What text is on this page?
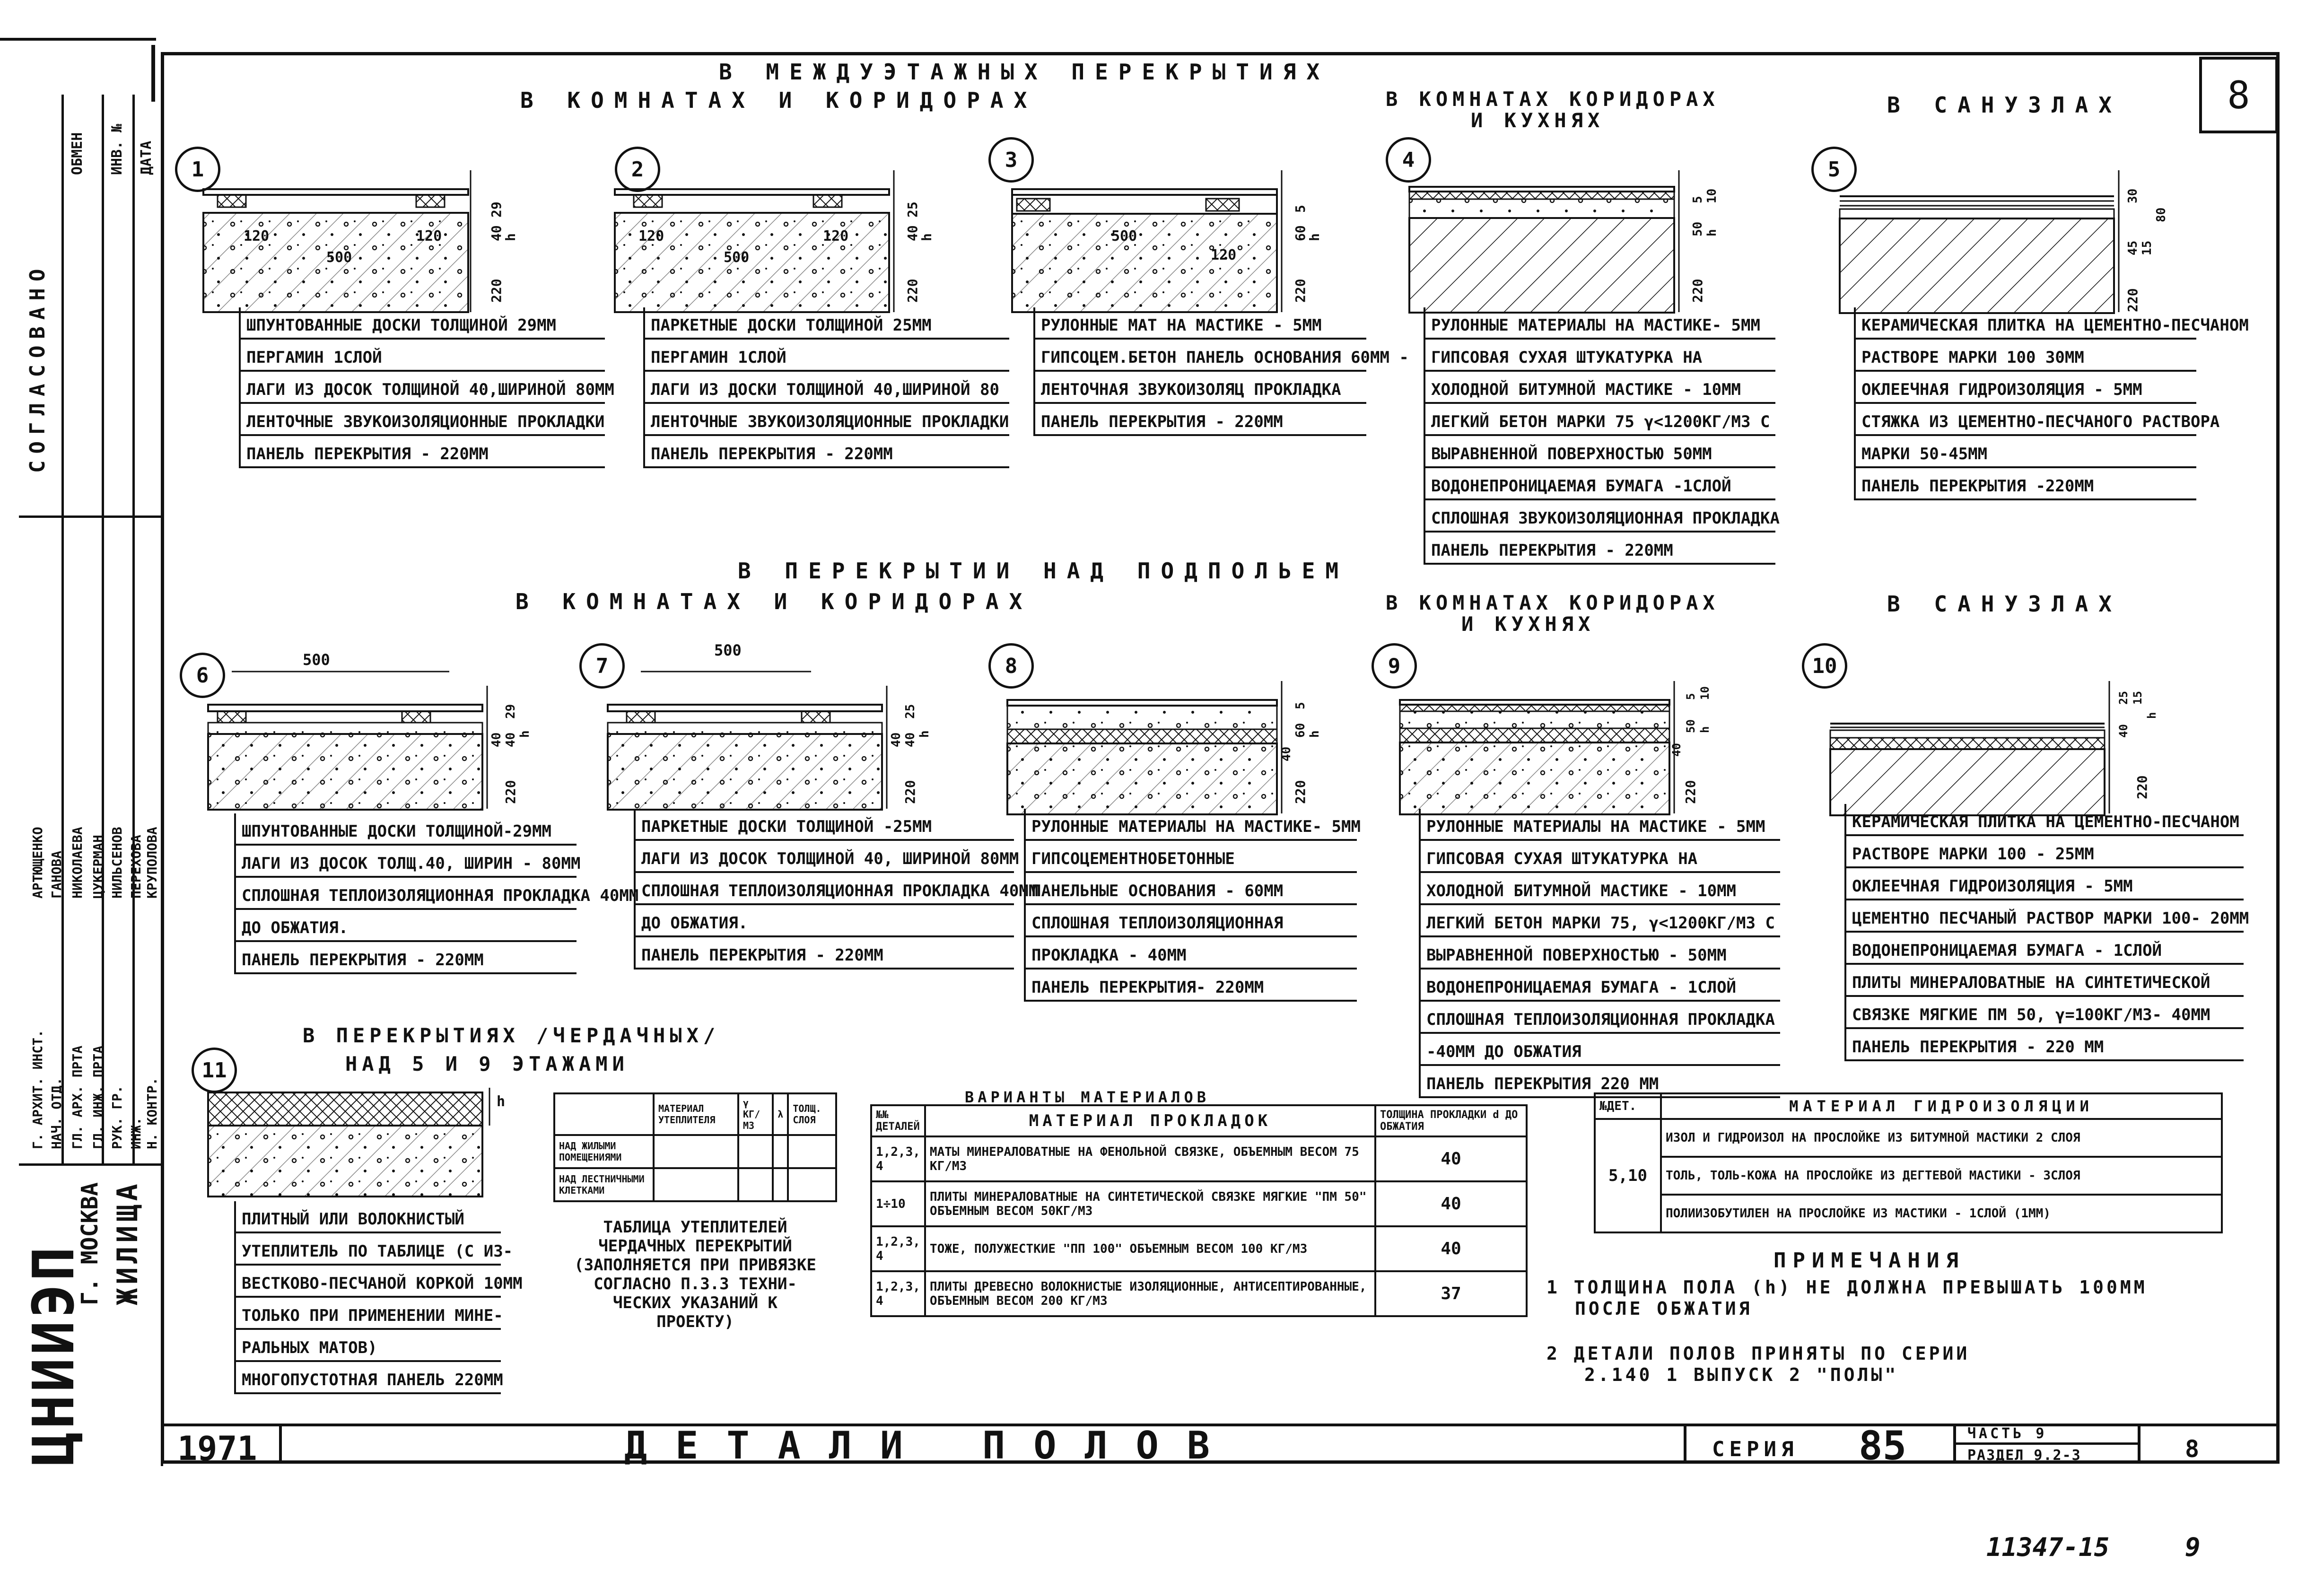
СОГЛАСОВАНО
ДАТА
ИНВ. №
ОБМЕН
Г. АРХИТ. ИНСТ. НАЧ. ОТД. ГЛ. АРХ. ПРТА ГЛ. ИНЖ. ПРТА РУК. ГР. ИНЖ. Н. КОНТР.
АРТЮЩЕНКО ГАНОВА НИКОЛАЕВА ЦУКЕРМАН НИЛЬСЕНОВ ПЕРЕХОВА КРУПОЛОВА
ЦНИИЭП
Г. МОСКВА ЖИЛИЩА
8
В МЕЖДУЭТАЖНЫХ ПЕРЕКРЫТИЯХ
В КОМНАТАХ И КОРИДОРАХ	В КОМНАТАХ КОРИДОРАХ
И КУХНЯХ
В САНУЗЛАХ
В ПЕРЕКРЫТИИ НАД ПОДПОЛЬЕМ
В КОМНАТАХ И КОРИДОРАХ	В КОМНАТАХ КОРИДОРАХ
И КУХНЯХ
В САНУЗЛАХ
В ПЕРЕКРЫТИЯХ /ЧЕРДАЧНЫХ/
НАД 5 И 9 ЭТАЖАМИ
1
120
500
120
29
40
h
220
ШПУНТОВАННЫЕ ДОСКИ ТОЛЩИНОЙ 29ММ
ПЕРГАМИН 1СЛОЙ
ЛАГИ ИЗ ДОСОК ТОЛЩИНОЙ 40,ШИРИНОЙ 80ММ
ЛЕНТОЧНЫЕ ЗВУКОИЗОЛЯЦИОННЫЕ ПРОКЛАДКИ
ПАНЕЛЬ ПЕРЕКРЫТИЯ - 220ММ
2
120
500
120
25
40
h
220
ПАРКЕТНЫЕ ДОСКИ ТОЛЩИНОЙ 25ММ
ПЕРГАМИН 1СЛОЙ
ЛАГИ ИЗ ДОСКИ ТОЛЩИНОЙ 40,ШИРИНОЙ 80
ЛЕНТОЧНЫЕ ЗВУКОИЗОЛЯЦИОННЫЕ ПРОКЛАДКИ
ПАНЕЛЬ ПЕРЕКРЫТИЯ - 220ММ
3
500
120
5
60
h
220
РУЛОННЫЕ МАТ НА МАСТИКЕ - 5ММ
ГИПСОЦЕМ.БЕТОН ПАНЕЛЬ ОСНОВАНИЯ 60ММ -
ЛЕНТОЧНАЯ ЗВУКОИЗОЛЯЦ ПРОКЛАДКА
ПАНЕЛЬ ПЕРЕКРЫТИЯ - 220ММ
4
5 10
50 h
220
РУЛОННЫЕ МАТЕРИАЛЫ НА МАСТИКЕ- 5ММ
ГИПСОВАЯ СУХАЯ ШТУКАТУРКА НА
ХОЛОДНОЙ БИТУМНОЙ МАСТИКЕ - 10ММ
ЛЕГКИЙ БЕТОН МАРКИ 75 γ<1200КГ/М3 С
ВЫРАВНЕННОЙ ПОВЕРХНОСТЬЮ 50ММ
ВОДОНЕПРОНИЦАЕМАЯ БУМАГА -1СЛОЙ
СПЛОШНАЯ ЗВУКОИЗОЛЯЦИОННАЯ ПРОКЛАДКА
ПАНЕЛЬ ПЕРЕКРЫТИЯ - 220ММ
5
30
45 15
80
220
КЕРАМИЧЕСКАЯ ПЛИТКА НА ЦЕМЕНТНО-ПЕСЧАНОМ
РАСТВОРЕ МАРКИ 100 30ММ
ОКЛЕЕЧНАЯ ГИДРОИЗОЛЯЦИЯ - 5ММ
СТЯЖКА ИЗ ЦЕМЕНТНО-ПЕСЧАНОГО РАСТВОРА
МАРКИ 50-45ММ
ПАНЕЛЬ ПЕРЕКРЫТИЯ -220ММ
6
500
29
40 40 h
220
ШПУНТОВАННЫЕ ДОСКИ ТОЛЩИНОЙ-29ММ
ЛАГИ ИЗ ДОСОК ТОЛЩ.40, ШИРИН - 80ММ
СПЛОШНАЯ ТЕПЛОИЗОЛЯЦИОННАЯ ПРОКЛАДКА 40ММ
ДО ОБЖАТИЯ.
ПАНЕЛЬ ПЕРЕКРЫТИЯ - 220ММ
7
500
25
40 40 h
220
ПАРКЕТНЫЕ ДОСКИ ТОЛЩИНОЙ -25ММ
ЛАГИ ИЗ ДОСОК ТОЛЩИНОЙ 40, ШИРИНОЙ 80ММ
СПЛОШНАЯ ТЕПЛОИЗОЛЯЦИОННАЯ ПРОКЛАДКА 40ММ
ДО ОБЖАТИЯ.
ПАНЕЛЬ ПЕРЕКРЫТИЯ - 220ММ
8
5
60
40
h
220
РУЛОННЫЕ МАТЕРИАЛЫ НА МАСТИКЕ- 5ММ
ГИПСОЦЕМЕНТНОБЕТОННЫЕ
ПАНЕЛЬНЫЕ ОСНОВАНИЯ - 60ММ
СПЛОШНАЯ ТЕПЛОИЗОЛЯЦИОННАЯ
ПРОКЛАДКА - 40ММ
ПАНЕЛЬ ПЕРЕКРЫТИЯ- 220ММ
9
5 10
50
40
h
220
РУЛОННЫЕ МАТЕРИАЛЫ НА МАСТИКЕ - 5ММ
ГИПСОВАЯ СУХАЯ ШТУКАТУРКА НА
ХОЛОДНОЙ БИТУМНОЙ МАСТИКЕ - 10ММ
ЛЕГКИЙ БЕТОН МАРКИ 75, γ<1200КГ/М3 С
ВЫРАВНЕННОЙ ПОВЕРХНОСТЬЮ - 50ММ
ВОДОНЕПРОНИЦАЕМАЯ БУМАГА - 1СЛОЙ
СПЛОШНАЯ ТЕПЛОИЗОЛЯЦИОННАЯ ПРОКЛАДКА
-40ММ ДО ОБЖАТИЯ
ПАНЕЛЬ ПЕРЕКРЫТИЯ 220 ММ
10
25 15
40
h
220
КЕРАМИЧЕСКАЯ ПЛИТКА НА ЦЕМЕНТНО-ПЕСЧАНОМ
РАСТВОРЕ МАРКИ 100 - 25ММ
ОКЛЕЕЧНАЯ ГИДРОИЗОЛЯЦИЯ - 5ММ
ЦЕМЕНТНО ПЕСЧАНЫЙ РАСТВОР МАРКИ 100- 20ММ
ВОДОНЕПРОНИЦАЕМАЯ БУМАГА - 1СЛОЙ
ПЛИТЫ МИНЕРАЛОВАТНЫЕ НА СИНТЕТИЧЕСКОЙ
СВЯЗКЕ МЯГКИЕ ПМ 50, γ=100КГ/М3- 40ММ
ПАНЕЛЬ ПЕРЕКРЫТИЯ - 220 ММ
11
h
ПЛИТНЫЙ ИЛИ ВОЛОКНИСТЫЙ
УТЕПЛИТЕЛЬ ПО ТАБЛИЦЕ (С ИЗ-
ВЕСТКОВО-ПЕСЧАНОЙ КОРКОЙ 10ММ
ТОЛЬКО ПРИ ПРИМЕНЕНИИ МИНЕ-
РАЛЬНЫХ МАТОВ)
МНОГОПУСТОТНАЯ ПАНЕЛЬ 220ММ
	МАТЕРИАЛ УТЕПЛИТЕЛЯ	γ КГ/М3	λ	ТОЛЩ. СЛОЯ
НАД ЖИЛЫМИ ПОМЕЩЕНИЯМИ				
НАД ЛЕСТНИЧНЫМИ КЛЕТКАМИ				
ТАБЛИЦА УТЕПЛИТЕЛЕЙ
ЧЕРДАЧНЫХ ПЕРЕКРЫТИЙ
(ЗАПОЛНЯЕТСЯ ПРИ ПРИВЯЗКЕ
СОГЛАСНО П.3.3 ТЕХНИ-
ЧЕСКИХ УКАЗАНИЙ К
ПРОЕКТУ)
ВАРИАНТЫ МАТЕРИАЛОВ
№№ ДЕТАЛЕЙ	МАТЕРИАЛ ПРОКЛАДОК	ТОЛЩИНА ПРОКЛАДКИ d ДО ОБЖАТИЯ
1,2,3, 4	МАТЫ МИНЕРАЛОВАТНЫЕ НА ФЕНОЛЬНОЙ СВЯЗКЕ, ОБЪЕМНЫМ ВЕСОМ 75 КГ/М3	40
1÷10	ПЛИТЫ МИНЕРАЛОВАТНЫЕ НА СИНТЕТИЧЕСКОЙ СВЯЗКЕ МЯГКИЕ "ПМ 50" ОБЪЕМНЫМ ВЕСОМ 50КГ/М3	40
1,2,3, 4	ТОЖЕ, ПОЛУЖЕСТКИЕ "ПП 100" ОБЪЕМНЫМ ВЕСОМ 100 КГ/М3	40
1,2,3, 4	ПЛИТЫ ДРЕВЕСНО ВОЛОКНИСТЫЕ ИЗОЛЯЦИОННЫЕ, АНТИСЕПТИРОВАННЫЕ, ОБЪЕМНЫМ ВЕСОМ 200 КГ/М3	37
№ДЕТ.	МАТЕРИАЛ ГИДРОИЗОЛЯЦИИ
5,10	ИЗОЛ И ГИДРОИЗОЛ НА ПРОСЛОЙКЕ ИЗ БИТУМНОЙ МАСТИКИ 2 СЛОЯ
	ТОЛЬ, ТОЛЬ-КОЖА НА ПРОСЛОЙКЕ ИЗ ДЕГТЕВОЙ МАСТИКИ - 3СЛОЯ
	ПОЛИИЗОБУТИЛЕН НА ПРОСЛОЙКЕ ИЗ МАСТИКИ - 1СЛОЙ (1ММ)
ПРИМЕЧАНИЯ
1 ТОЛЩИНА ПОЛА (h) НЕ ДОЛЖНА ПРЕВЫШАТЬ 100ММ
ПОСЛЕ ОБЖАТИЯ
2 ДЕТАЛИ ПОЛОВ ПРИНЯТЫ ПО СЕРИИ
2.140 1 ВЫПУСК 2 "ПОЛЫ"
1971	ДЕТАЛИ ПОЛОВ	СЕРИЯ 85	ЧАСТЬ 9
РАЗДЕЛ 9.2-3	8
11347-15	9
